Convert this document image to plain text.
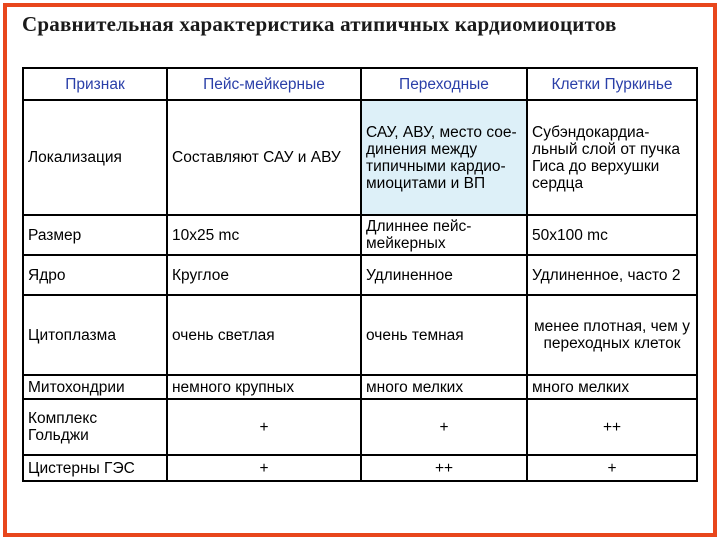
Сравнительная характеристика атипичных кардиомиоцитов
Признак	Пейс-мейкерные	Переходные	Клетки Пуркинье
Локализация	Составляют САУ и АВУ	САУ, АВУ, место сое-динения между типичными кардио-миоцитами и ВП	Субэндокардиа-льный слой от пучка Гиса до верхушки сердца
Размер	10х25 mc	Длиннее пейс-мейкерных	50х100 mc
Ядро	Круглое	Удлиненное	Удлиненное, часто 2
Цитоплазма	очень светлая	очень темная	менее плотная, чем у переходных клеток
Митохондрии	немного крупных	много мелких	много мелких
Комплекс Гольджи	+	+	++
Цистерны ГЭС	+	++	+
